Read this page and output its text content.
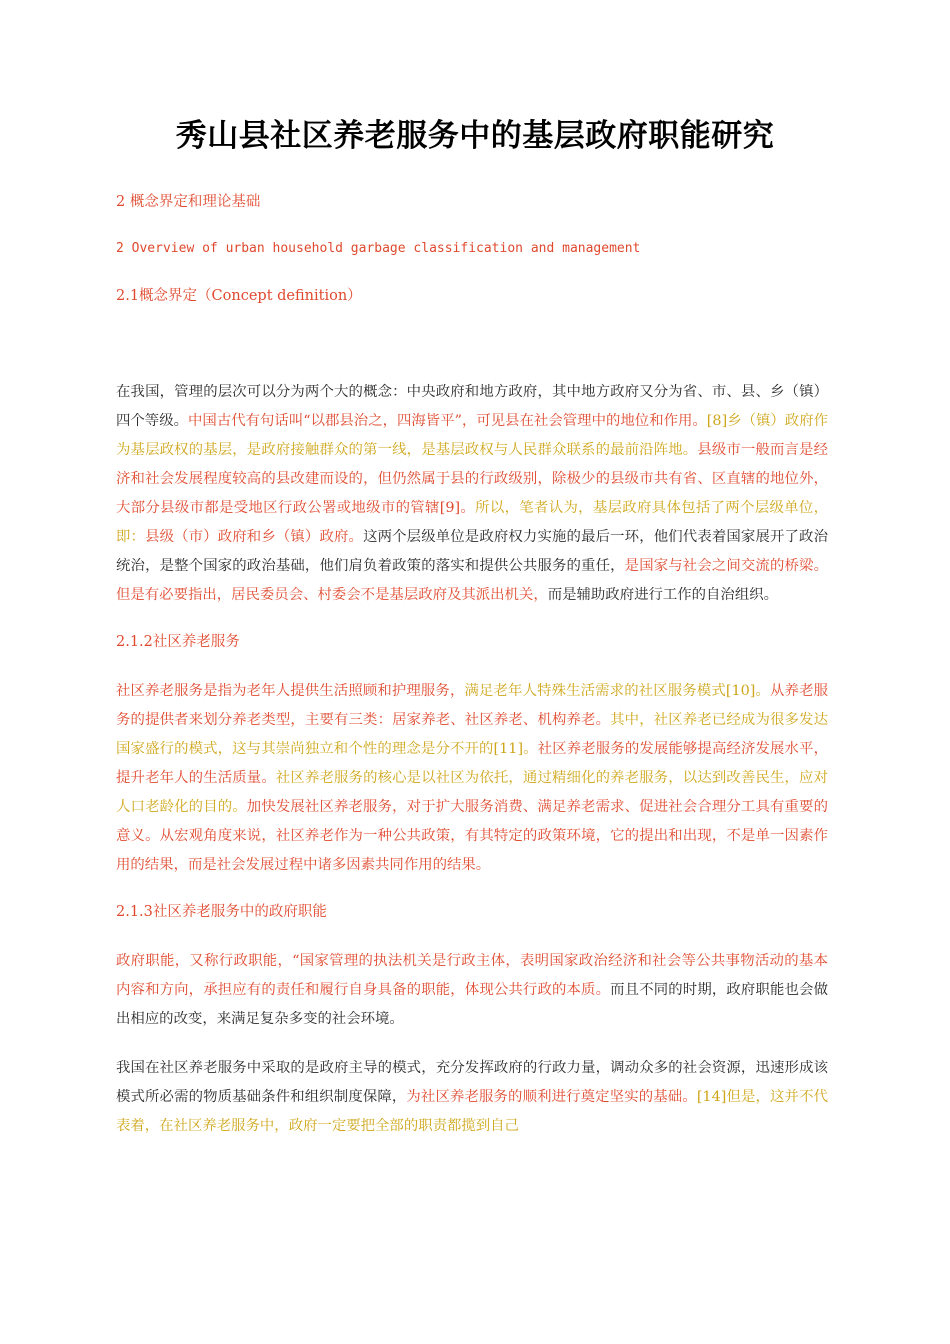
秀山县社区养老服务中的基层政府职能研究

2 概念界定和理论基础

2 Overview of urban household garbage classification and management

2.1概念界定（Concept definition）

在我国，管理的层次可以分为两个大的概念：中央政府和地方政府，其中地方政府又分为省、市、县、乡（镇）四个等级。中国古代有句话叫“以郡县治之，四海皆平”，可见县在社会管理中的地位和作用。[8]乡（镇）政府作为基层政权的基层，是政府接触群众的第一线，是基层政权与人民群众联系的最前沿阵地。县级市一般而言是经济和社会发展程度较高的县改建而设的，但仍然属于县的行政级别，除极少的县级市共有省、区直辖的地位外，大部分县级市都是受地区行政公署或地级市的管辖[9]。所以，笔者认为，基层政府具体包括了两个层级单位，即：县级（市）政府和乡（镇）政府。这两个层级单位是政府权力实施的最后一环，他们代表着国家展开了政治统治，是整个国家的政治基础，他们肩负着政策的落实和提供公共服务的重任，是国家与社会之间交流的桥梁。但是有必要指出，居民委员会、村委会不是基层政府及其派出机关，而是辅助政府进行工作的自治组织。

2.1.2社区养老服务

社区养老服务是指为老年人提供生活照顾和护理服务，满足老年人特殊生活需求的社区服务模式[10]。从养老服务的提供者来划分养老类型，主要有三类：居家养老、社区养老、机构养老。其中，社区养老已经成为很多发达国家盛行的模式，这与其崇尚独立和个性的理念是分不开的[11]。社区养老服务的发展能够提高经济发展水平，提升老年人的生活质量。社区养老服务的核心是以社区为依托，通过精细化的养老服务，以达到改善民生，应对人口老龄化的目的。加快发展社区养老服务，对于扩大服务消费、满足养老需求、促进社会合理分工具有重要的意义。从宏观角度来说，社区养老作为一种公共政策，有其特定的政策环境，它的提出和出现，不是单一因素作用的结果，而是社会发展过程中诸多因素共同作用的结果。

2.1.3社区养老服务中的政府职能

政府职能，又称行政职能，“国家管理的执法机关是行政主体，表明国家政治经济和社会等公共事物活动的基本内容和方向，承担应有的责任和履行自身具备的职能，体现公共行政的本质。而且不同的时期，政府职能也会做出相应的改变，来满足复杂多变的社会环境。

我国在社区养老服务中采取的是政府主导的模式，充分发挥政府的行政力量，调动众多的社会资源，迅速形成该模式所必需的物质基础条件和组织制度保障，为社区养老服务的顺利进行奠定坚实的基础。[14]但是，这并不代表着，在社区养老服务中，政府一定要把全部的职责都揽到自己
